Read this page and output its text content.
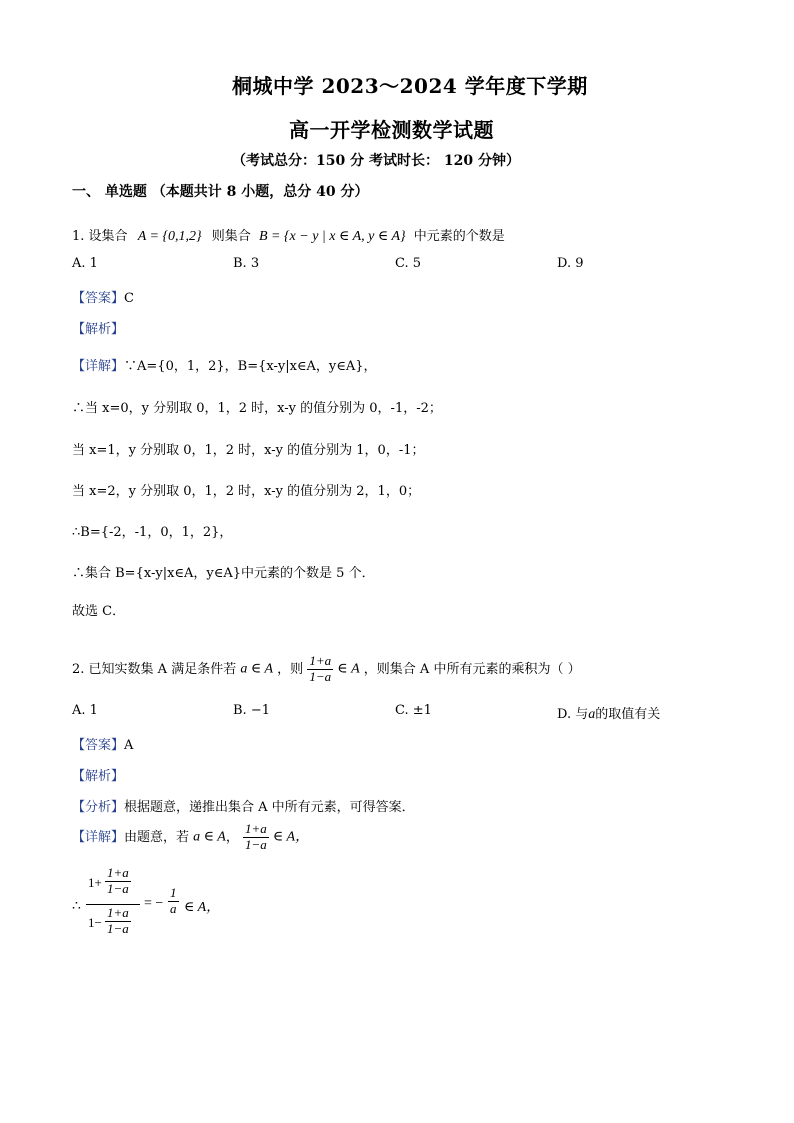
桐城中学 2023～2024 学年度下学期
高一开学检测数学试题
（考试总分：150 分 考试时长： 120 分钟）
一、 单选题 （本题共计 8 小题，总分 40 分）
1. 设集合 A = {0,1,2} 则集合 B = {x − y | x ∈ A, y ∈ A} 中元素的个数是
A. 1	B. 3	C. 5	D. 9
【答案】C
【解析】
【详解】∵A={0，1，2}，B={x-y|x∈A，y∈A}，
∴当 x=0，y 分别取 0，1，2 时，x-y 的值分别为 0，-1，-2；
当 x=1，y 分别取 0，1，2 时，x-y 的值分别为 1，0，-1；
当 x=2，y 分别取 0，1，2 时，x-y 的值分别为 2，1，0；
∴B={-2，-1，0，1，2}，
∴集合 B={x-y|x∈A，y∈A}中元素的个数是 5 个．
故选 C．
2. 已知实数集 A 满足条件若 a ∈ A ，则 $\frac{1+a}{1-a}$ ∈ A ，则集合 A 中所有元素的乘积为（ ）
A. 1	B. −1	C. ±1	D. 与a的取值有关
【答案】A
【解析】
【分析】根据题意，递推出集合 A 中所有元素，可得答案．
【详解】由题意，若 a ∈ A， $\frac{1+a}{1-a}$ ∈ A，
∴
$1+ \frac{1+a}{1-a}$
$1- \frac{1+a}{1-a}$
= − $\frac{1}{a}$ ∈ A，
